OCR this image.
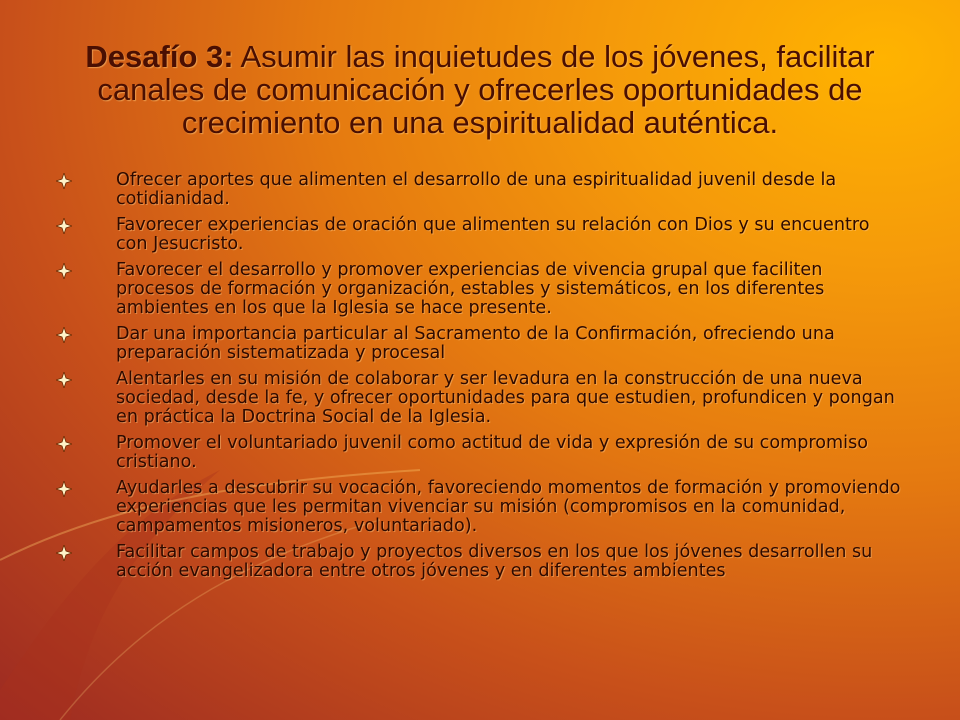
Desafío 3: Asumir las inquietudes de los jóvenes, facilitar canales de comunicación y ofrecerles oportunidades de crecimiento en una espiritualidad auténtica.
Ofrecer aportes que alimenten el desarrollo de una espiritualidad juvenil desde la cotidianidad.
Favorecer experiencias de oración que alimenten su relación con Dios y su encuentro con Jesucristo.
Favorecer el desarrollo y promover experiencias de vivencia grupal que faciliten procesos de formación y organización, estables y sistemáticos, en los diferentes ambientes en los que la Iglesia se hace presente.
Dar una importancia particular al Sacramento de la Confirmación, ofreciendo una preparación sistematizada y procesal
Alentarles en su misión de colaborar y ser levadura en la construcción de una nueva sociedad, desde la fe, y ofrecer oportunidades para que estudien, profundicen y pongan en práctica la Doctrina Social de la Iglesia.
Promover el voluntariado juvenil como actitud de vida y expresión de su compromiso cristiano.
Ayudarles a descubrir su vocación, favoreciendo momentos de formación y promoviendo experiencias que les permitan vivenciar su misión (compromisos en la comunidad, campamentos misioneros, voluntariado).
Facilitar campos de trabajo y proyectos diversos en los que los jóvenes desarrollen su acción evangelizadora entre otros jóvenes y en diferentes ambientes
